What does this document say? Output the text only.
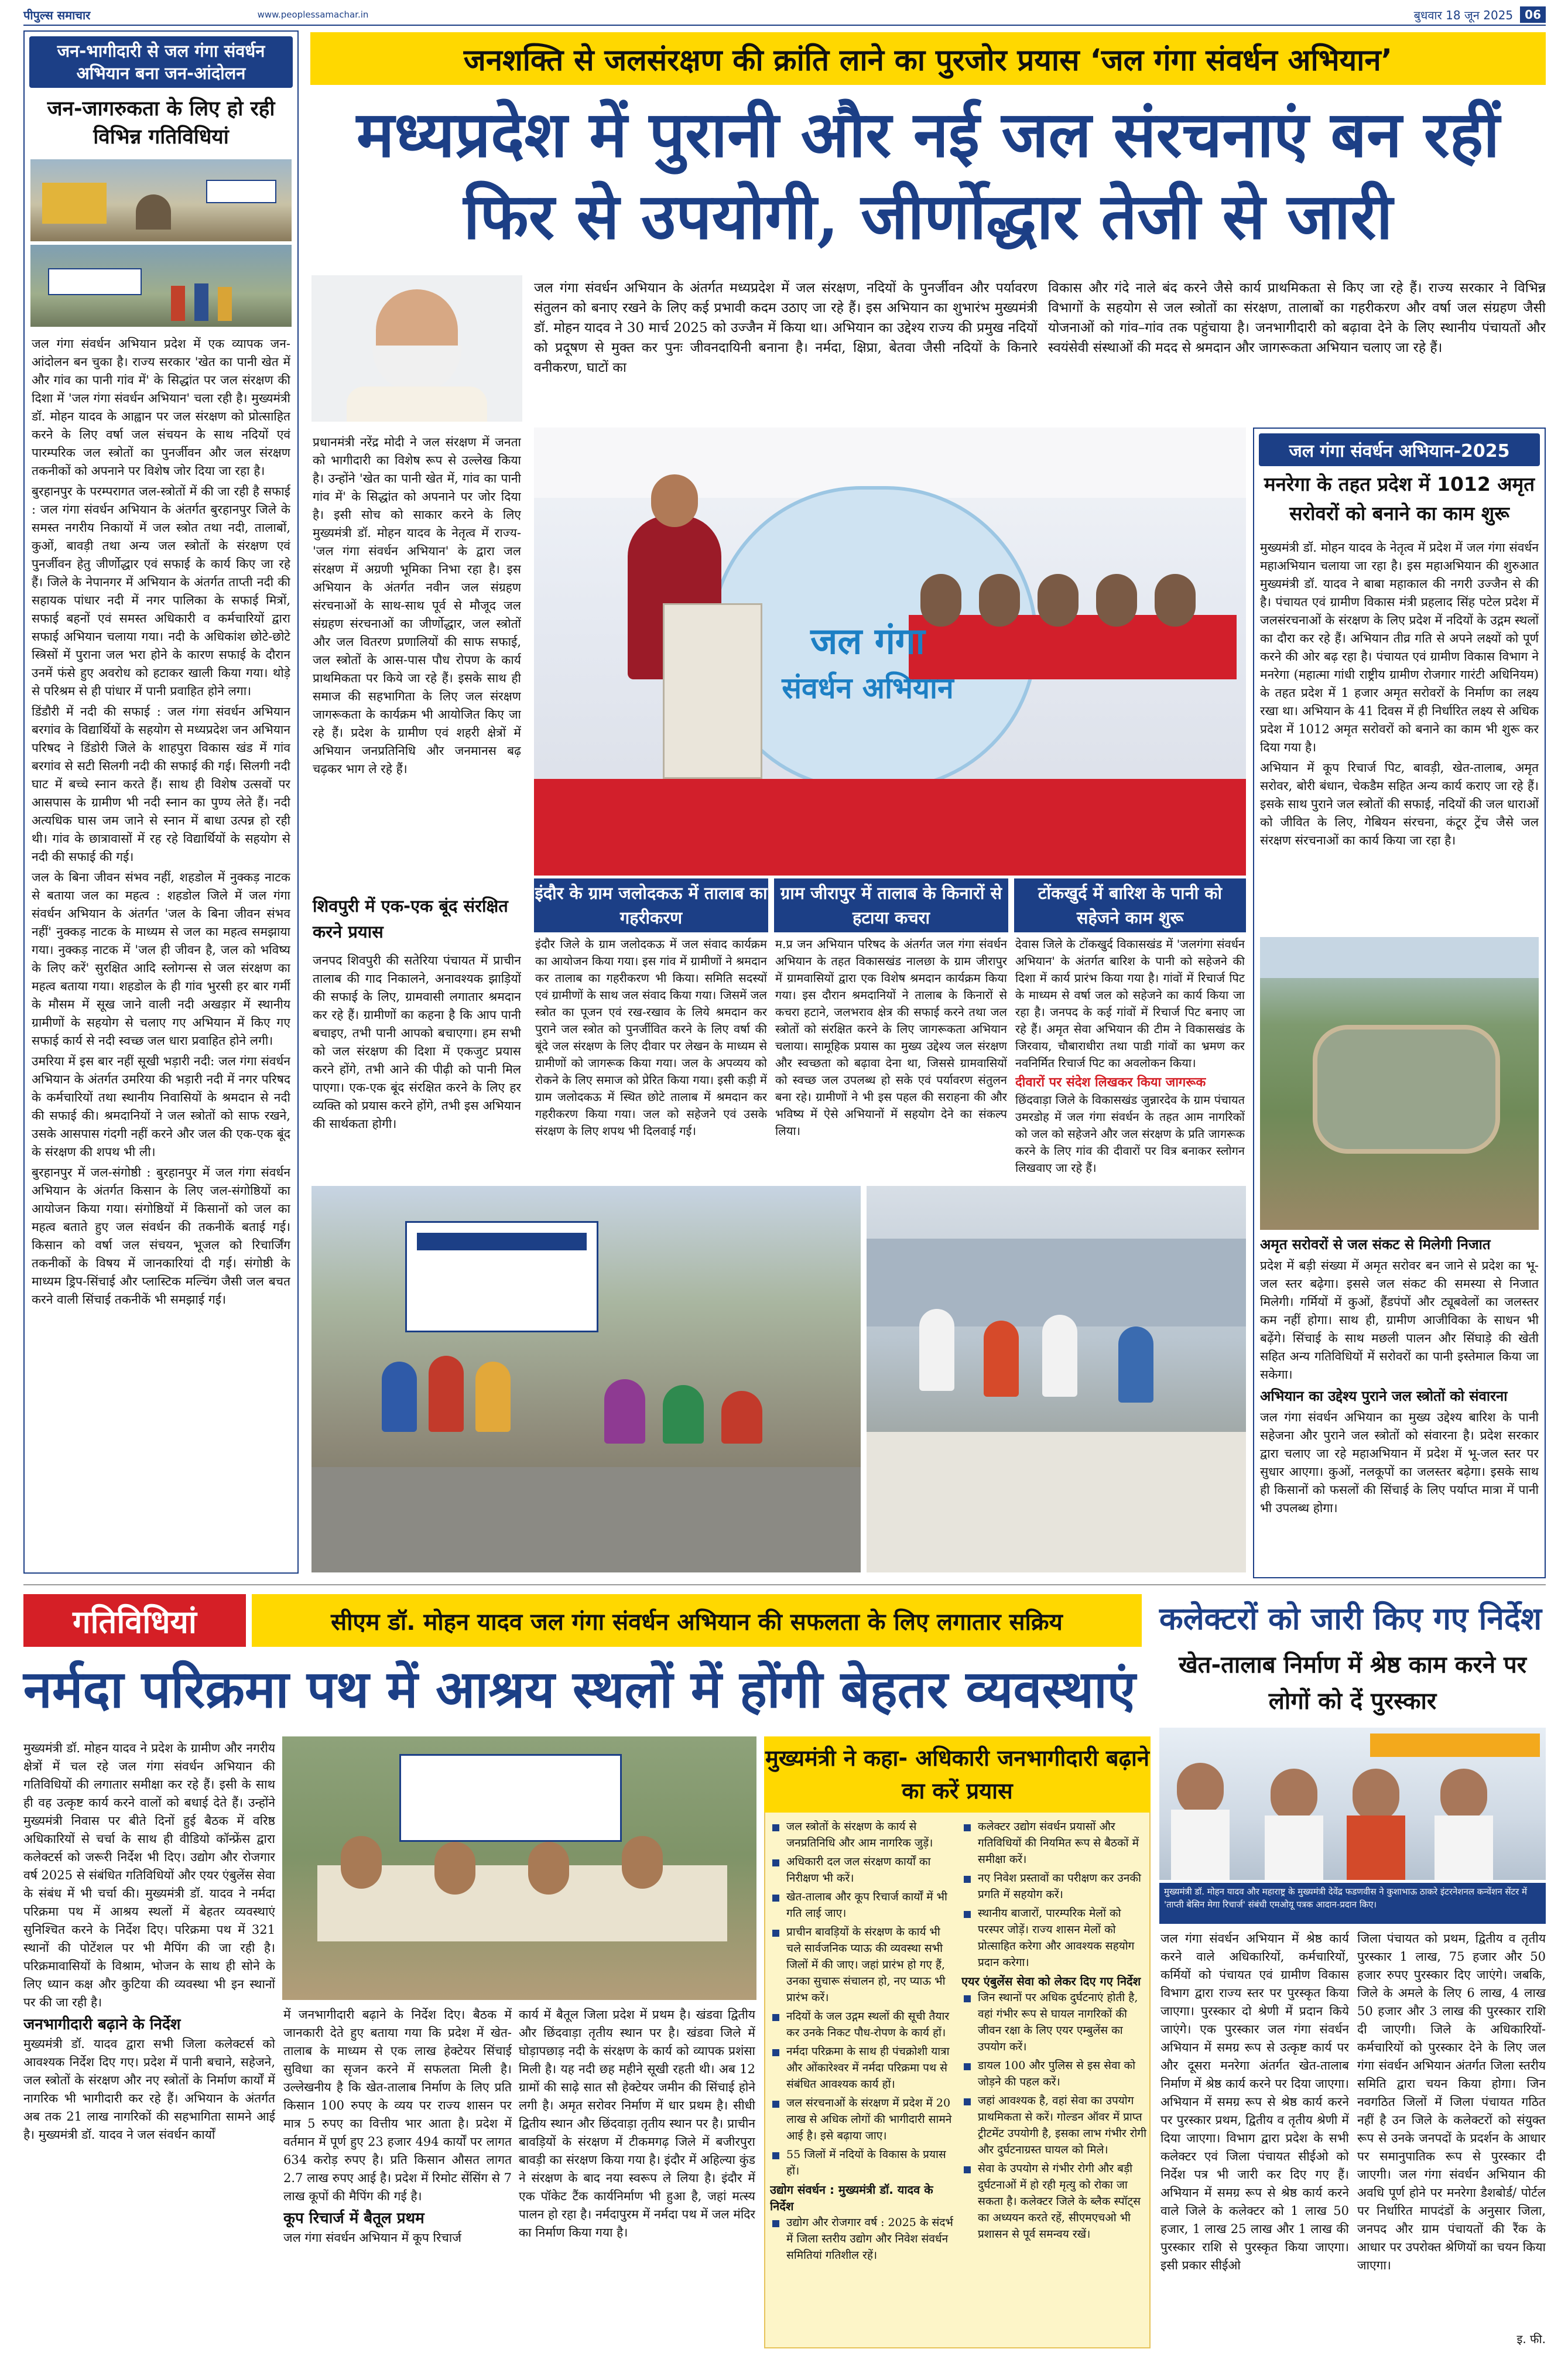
पीपुल्स समाचार	www.peoplessamachar.in	बुधवार 18 जून 2025	06
जन-भागीदारी से जल गंगा संवर्धन अभियान बना जन-आंदोलन
जन-जागरुकता के लिए हो रही विभिन्न गतिविधियां

जल गंगा संवर्धन अभियान प्रदेश में एक व्यापक जन-आंदोलन बन चुका है। राज्य सरकार 'खेत का पानी खेत में और गांव का पानी गांव में' के सिद्धांत पर जल संरक्षण की दिशा में 'जल गंगा संवर्धन अभियान' चला रही है। मुख्यमंत्री डॉ. मोहन यादव के आह्वान पर जल संरक्षण को प्रोत्साहित करने के लिए वर्षा जल संचयन के साथ नदियों एवं पारम्परिक जल स्त्रोतों का पुनर्जीवन और जल संरक्षण तकनीकों को अपनाने पर विशेष जोर दिया जा रहा है।

बुरहानपुर के परम्परागत जल-स्त्रोतों में की जा रही है सफाई : जल गंगा संवर्धन अभियान के अंतर्गत बुरहानपुर जिले के समस्त नगरीय निकायों में जल स्त्रोत तथा नदी, तालाबों, कुओं, बावड़ी तथा अन्य जल स्त्रोतों के संरक्षण एवं पुनर्जीवन हेतु जीर्णोद्धार एवं सफाई के कार्य किए जा रहे हैं। जिले के नेपानगर में अभियान के अंतर्गत ताप्ती नदी की सहायक पांधार नदी में नगर पालिका के सफाई मित्रों, सफाई बहनों एवं समस्त अधिकारी व कर्मचारियों द्वारा सफाई अभियान चलाया गया। नदी के अधिकांश छोटे-छोटे स्त्रिसों में पुराना जल भरा होने के कारण सफाई के दौरान उनमें फंसे हुए अवरोध को हटाकर खाली किया गया। थोड़े से परिश्रम से ही पांधार में पानी प्रवाहित होने लगा।

डिंडौरी में नदी की सफाई : जल गंगा संवर्धन अभियान बरगांव के विद्यार्थियों के सहयोग से मध्यप्रदेश जन अभियान परिषद ने डिंडोरी जिले के शाहपुरा विकास खंड में गांव बरगांव से सटी सिलगी नदी की सफाई की गई। सिलगी नदी घाट में बच्चे स्नान करते हैं। साथ ही विशेष उत्सवों पर आसपास के ग्रामीण भी नदी स्नान का पुण्य लेते हैं। नदी अत्यधिक घास जम जाने से स्नान में बाधा उत्पन्न हो रही थी। गांव के छात्रावासों में रह रहे विद्यार्थियों के सहयोग से नदी की सफाई की गई।

जल के बिना जीवन संभव नहीं, शहडोल में नुक्कड़ नाटक से बताया जल का महत्व : शहडोल जिले में जल गंगा संवर्धन अभियान के अंतर्गत 'जल के बिना जीवन संभव नहीं' नुक्कड़ नाटक के माध्यम से जल का महत्व समझाया गया। नुक्कड़ नाटक में 'जल ही जीवन है, जल को भविष्य के लिए करें' सुरक्षित आदि स्लोगन्स से जल संरक्षण का महत्व बताया गया। शहडोल के ही गांव भुरसी हर बार गर्मी के मौसम में सूख जाने वाली नदी अखड़ार में स्थानीय ग्रामीणों के सहयोग से चलाए गए अभियान में किए गए सफाई कार्य से नदी स्वच्छ जल धारा प्रवाहित होने लगी।

उमरिया में इस बार नहीं सूखी भड़ारी नदी: जल गंगा संवर्धन अभियान के अंतर्गत उमरिया की भड़ारी नदी में नगर परिषद के कर्मचारियों तथा स्थानीय निवासियों के श्रमदान से नदी की सफाई की। श्रमदानियों ने जल स्त्रोतों को साफ रखने, उसके आसपास गंदगी नहीं करने और जल की एक-एक बूंद के संरक्षण की शपथ भी ली।

बुरहानपुर में जल-संगोष्ठी : बुरहानपुर में जल गंगा संवर्धन अभियान के अंतर्गत किसान के लिए जल-संगोष्ठियों का आयोजन किया गया। संगोष्ठियों में किसानों को जल का महत्व बताते हुए जल संवर्धन की तकनीकें बताई गई। किसान को वर्षा जल संचयन, भूजल को रिचार्जिंग तकनीकों के विषय में जानकारियां दी गई। संगोष्ठी के माध्यम ड्रिप-सिंचाई और प्लास्टिक मल्चिंग जैसी जल बचत करने वाली सिंचाई तकनीकें भी समझाई गई।

जनशक्ति से जलसंरक्षण की क्रांति लाने का पुरजोर प्रयास ‘जल गंगा संवर्धन अभियान’
मध्यप्रदेश में पुरानी और नई जल संरचनाएं बन रहीं फिर से उपयोगी, जीर्णोद्धार तेजी से जारी
जल गंगा संवर्धन अभियान के अंतर्गत मध्यप्रदेश में जल संरक्षण, नदियों के पुनर्जीवन और पर्यावरण संतुलन को बनाए रखने के लिए कई प्रभावी कदम उठाए जा रहे हैं। इस अभियान का शुभारंभ मुख्यमंत्री डॉ. मोहन यादव ने 30 मार्च 2025 को उज्जैन में किया था। अभियान का उद्देश्य राज्य की प्रमुख नदियों को प्रदूषण से मुक्त कर पुनः जीवनदायिनी बनाना है। नर्मदा, क्षिप्रा, बेतवा जैसी नदियों के किनारे वनीकरण, घाटों का
विकास और गंदे नाले बंद करने जैसे कार्य प्राथमिकता से किए जा रहे हैं। राज्य सरकार ने विभिन्न विभागों के सहयोग से जल स्त्रोतों का संरक्षण, तालाबों का गहरीकरण और वर्षा जल संग्रहण जैसी योजनाओं को गांव–गांव तक पहुंचाया है। जनभागीदारी को बढ़ावा देने के लिए स्थानीय पंचायतों और स्वयंसेवी संस्थाओं की मदद से श्रमदान और जागरूकता अभियान चलाए जा रहे हैं।
प्रधानमंत्री नरेंद्र मोदी ने जल संरक्षण में जनता को भागीदारी का विशेष रूप से उल्लेख किया है। उन्होंने 'खेत का पानी खेत में, गांव का पानी गांव में' के सिद्धांत को अपनाने पर जोर दिया है। इसी सोच को साकार करने के लिए मुख्यमंत्री डॉ. मोहन यादव के नेतृत्व में राज्य- 'जल गंगा संवर्धन अभियान' के द्वारा जल संरक्षण में अग्रणी भूमिका निभा रहा है। इस अभियान के अंतर्गत नवीन जल संग्रहण संरचनाओं के साथ-साथ पूर्व से मौजूद जल संग्रहण संरचनाओं का जीर्णोद्धार, जल स्त्रोतों और जल वितरण प्रणालियों की साफ सफाई, जल स्त्रोतों के आस-पास पौध रोपण के कार्य प्राथमिकता पर किये जा रहे हैं। इसके साथ ही समाज की सहभागिता के लिए जल संरक्षण जागरूकता के कार्यक्रम भी आयोजित किए जा रहे हैं। प्रदेश के ग्रामीण एवं शहरी क्षेत्रों में अभियान जनप्रतिनिधि और जनमानस बढ़ चढ़कर भाग ले रहे हैं।
जल गंगा
संवर्धन अभियान
जल गंगा संवर्धन अभियान-2025
मनरेगा के तहत प्रदेश में 1012 अमृत सरोवरों को बनाने का काम शुरू

मुख्यमंत्री डॉ. मोहन यादव के नेतृत्व में प्रदेश में जल गंगा संवर्धन महाअभियान चलाया जा रहा है। इस महाअभियान की शुरुआत मुख्यमंत्री डॉ. यादव ने बाबा महाकाल की नगरी उज्जैन से की है। पंचायत एवं ग्रामीण विकास मंत्री प्रहलाद सिंह पटेल प्रदेश में जलसंरचनाओं के संरक्षण के लिए प्रदेश में नदियों के उद्गम स्थलों का दौरा कर रहे हैं। अभियान तीव्र गति से अपने लक्ष्यों को पूर्ण करने की ओर बढ़ रहा है। पंचायत एवं ग्रामीण विकास विभाग ने मनरेगा (महात्मा गांधी राष्ट्रीय ग्रामीण रोजगार गारंटी अधिनियम) के तहत प्रदेश में 1 हजार अमृत सरोवरों के निर्माण का लक्ष्य रखा था। अभियान के 41 दिवस में ही निर्धारित लक्ष्य से अधिक प्रदेश में 1012 अमृत सरोवरों को बनाने का काम भी शुरू कर दिया गया है।

अभियान में कूप रिचार्ज पिट, बावड़ी, खेत-तालाब, अमृत सरोवर, बोरी बंधान, चेकडैम सहित अन्य कार्य कराए जा रहे हैं। इसके साथ पुराने जल स्त्रोतों की सफाई, नदियों की जल धाराओं को जीवित के लिए, गेबियन संरचना, कंटूर ट्रेंच जैसे जल संरक्षण संरचनाओं का कार्य किया जा रहा है।

अमृत सरोवरों से जल संकट से मिलेगी निजात

प्रदेश में बड़ी संख्या में अमृत सरोवर बन जाने से प्रदेश का भू-जल स्तर बढ़ेगा। इससे जल संकट की समस्या से निजात मिलेगी। गर्मियों में कुओं, हैंडपंपों और ट्यूबवेलों का जलस्तर कम नहीं होगा। साथ ही, ग्रामीण आजीविका के साधन भी बढ़ेंगे। सिंचाई के साथ मछली पालन और सिंघाड़े की खेती सहित अन्य गतिविधियों में सरोवरों का पानी इस्तेमाल किया जा सकेगा।

अभियान का उद्देश्य पुराने जल स्त्रोतों को संवारना

जल गंगा संवर्धन अभियान का मुख्य उद्देश्य बारिश के पानी सहेजना और पुराने जल स्त्रोतों को संवारना है। प्रदेश सरकार द्वारा चलाए जा रहे महाअभियान में प्रदेश में भू-जल स्तर पर सुधार आएगा। कुओं, नलकूपों का जलस्तर बढ़ेगा। इसके साथ ही किसानों को फसलों की सिंचाई के लिए पर्याप्त मात्रा में पानी भी उपलब्ध होगा।

इंदौर के ग्राम जलोदकऊ में तालाब का गहरीकरण
ग्राम जीरापुर में तालाब के किनारों से हटाया कचरा
टोंकखुर्द में बारिश के पानी को सहेजने काम शुरू
इंदौर जिले के ग्राम जलोदकऊ में जल संवाद कार्यक्रम का आयोजन किया गया। इस गांव में ग्रामीणों ने श्रमदान कर तालाब का गहरीकरण भी किया। समिति सदस्यों एवं ग्रामीणों के साथ जल संवाद किया गया। जिसमें जल स्त्रोत का पूजन एवं रख-रखाव के लिये श्रमदान कर पुराने जल स्त्रोत को पुनर्जीवित करने के लिए वर्षा की बूंदे जल संरक्षण के लिए दीवार पर लेखन के माध्यम से ग्रामीणों को जागरूक किया गया। जल के अपव्यय को रोकने के लिए समाज को प्रेरित किया गया। इसी कड़ी में ग्राम जलोदकऊ में स्थित छोटे तालाब में श्रमदान कर गहरीकरण किया गया। जल को सहेजने एवं उसके संरक्षण के लिए शपथ भी दिलवाई गई।
म.प्र जन अभियान परिषद के अंतर्गत जल गंगा संवर्धन अभियान के तहत विकासखंड नालछा के ग्राम जीरापुर में ग्रामवासियों द्वारा एक विशेष श्रमदान कार्यक्रम किया गया। इस दौरान श्रमदानियों ने तालाब के किनारों से कचरा हटाने, जलभराव क्षेत्र की सफाई करने तथा जल स्त्रोतों को संरक्षित करने के लिए जागरूकता अभियान चलाया। सामूहिक प्रयास का मुख्य उद्देश्य जल संरक्षण और स्वच्छता को बढ़ावा देना था, जिससे ग्रामवासियों को स्वच्छ जल उपलब्ध हो सके एवं पर्यावरण संतुलन बना रहे। ग्रामीणों ने भी इस पहल की सराहना की और भविष्य में ऐसे अभियानों में सहयोग देने का संकल्प लिया।

देवास जिले के टोंकखुर्द विकासखंड में 'जलगंगा संवर्धन अभियान' के अंतर्गत बारिश के पानी को सहेजने की दिशा में कार्य प्रारंभ किया गया है। गांवों में रिचार्ज पिट के माध्यम से वर्षा जल को सहेजने का कार्य किया जा रहा है। जनपद के कई गांवों में रिचार्ज पिट बनाए जा रहे हैं। अमृत सेवा अभियान की टीम ने विकासखंड के जिरवाय, चौबाराधीरा तथा पाडी गांवों का भ्रमण कर नवनिर्मित रिचार्ज पिट का अवलोकन किया।

दीवारों पर संदेश लिखकर किया जागरूक

छिंदवाड़ा जिले के विकासखंड जुन्नारदेव के ग्राम पंचायत उमरडोह में जल गंगा संवर्धन के तहत आम नागरिकों को जल को सहेजने और जल संरक्षण के प्रति जागरूक करने के लिए गांव की दीवारों पर वित्र बनाकर स्लोगन लिखवाए जा रहे हैं।

शिवपुरी में एक-एक बूंद संरक्षित करने प्रयास
जनपद शिवपुरी की सतेरिया पंचायत में प्राचीन तालाब की गाद निकालने, अनावश्यक झाड़ियों की सफाई के लिए, ग्रामवासी लगातार श्रमदान कर रहे हैं। ग्रामीणों का कहना है कि आप पानी बचाइए, तभी पानी आपको बचाएगा। हम सभी को जल संरक्षण की दिशा में एकजुट प्रयास करने होंगे, तभी आने की पीढ़ी को पानी मिल पाएगा। एक-एक बूंद संरक्षित करने के लिए हर व्यक्ति को प्रयास करने होंगे, तभी इस अभियान की सार्थकता होगी।
गतिविधियां	सीएम डॉ. मोहन यादव जल गंगा संवर्धन अभियान की सफलता के लिए लगातार सक्रिय
नर्मदा परिक्रमा पथ में आश्रय स्थलों में होंगी बेहतर व्यवस्थाएं
कलेक्टरों को जारी किए गए निर्देश
खेत-तालाब निर्माण में श्रेष्ठ काम करने पर लोगों को दें पुरस्कार

मुख्यमंत्री डॉ. मोहन यादव ने प्रदेश के ग्रामीण और नगरीय क्षेत्रों में चल रहे जल गंगा संवर्धन अभियान की गतिविधियों की लगातार समीक्षा कर रहे हैं। इसी के साथ ही वह उत्कृष्ट कार्य करने वालों को बधाई देते हैं। उन्होंने मुख्यमंत्री निवास पर बीते दिनों हुई बैठक में वरिष्ठ अधिकारियों से चर्चा के साथ ही वीडियो कॉन्फ्रेंस द्वारा कलेक्टर्स को जरूरी निर्देश भी दिए। उद्योग और रोजगार वर्ष 2025 से संबंधित गतिविधियों और एयर एंबुलेंस सेवा के संबंध में भी चर्चा की। मुख्यमंत्री डॉ. यादव ने नर्मदा परिक्रमा पथ में आश्रय स्थलों में बेहतर व्यवस्थाएं सुनिश्चित करने के निर्देश दिए। परिक्रमा पथ में 321 स्थानों की पोटेंशल पर भी मैपिंग की जा रही है। परिक्रमावासियों के विश्राम, भोजन के साथ ही सोने के लिए ध्यान कक्ष और कुटिया की व्यवस्था भी इन स्थानों पर की जा रही है।

जनभागीदारी बढ़ाने के निर्देश

मुख्यमंत्री डॉ. यादव द्वारा सभी जिला कलेक्टर्स को आवश्यक निर्देश दिए गए। प्रदेश में पानी बचाने, सहेजने, जल स्त्रोतों के संरक्षण और नए स्त्रोतों के निर्माण कार्यों में नागरिक भी भागीदारी कर रहे हैं। अभियान के अंतर्गत अब तक 21 लाख नागरिकों की सहभागिता सामने आई है। मुख्यमंत्री डॉ. यादव ने जल संवर्धन कार्यों

में जनभागीदारी बढ़ाने के निर्देश दिए। बैठक में जानकारी देते हुए बताया गया कि प्रदेश में खेत-तालाब के माध्यम से एक लाख हेक्टेयर सिंचाई सुविधा का सृजन करने में सफलता मिली है। उल्लेखनीय है कि खेत-तालाब निर्माण के लिए प्रति किसान 100 रुपए के व्यय पर राज्य शासन पर मात्र 5 रुपए का वित्तीय भार आता है। प्रदेश में वर्तमान में पूर्ण हुए 23 हजार 494 कार्यों पर लागत 634 करोड़ रुपए है। प्रति किसान औसत लागत 2.7 लाख रुपए आई है। प्रदेश में रिमोट सेंसिंग से 7 लाख कूपों की मैपिंग की गई है।

कूप रिचार्ज में बैतूल प्रथम

जल गंगा संवर्धन अभियान में कूप रिचार्ज

कार्य में बैतूल जिला प्रदेश में प्रथम है। खंडवा द्वितीय और छिंदवाड़ा तृतीय स्थान पर है। खंडवा जिले में घोड़ापछाड़ नदी के संरक्षण के कार्य को व्यापक प्रशंसा मिली है। यह नदी छह महीने सूखी रहती थी। अब 12 ग्रामों की साढ़े सात सौ हेक्टेयर जमीन की सिंचाई होने लगी है। अमृत सरोवर निर्माण में धार प्रथम है। सीधी द्वितीय स्थान और छिंदवाड़ा तृतीय स्थान पर है। प्राचीन बावड़ियों के संरक्षण में टीकमगढ़ जिले में बजीरपुरा बावड़ी का संरक्षण किया गया है। इंदौर में अहिल्या कुंड ने संरक्षण के बाद नया स्वरूप ले लिया है। इंदौर में एक पॉकेट टैंक कार्यनिर्माण भी हुआ है, जहां मत्स्य पालन हो रहा है। नर्मदापुरम में नर्मदा पथ में जल मंदिर का निर्माण किया गया है।
मुख्यमंत्री ने कहा- अधिकारी जनभागीदारी बढ़ाने का करें प्रयास
जल स्त्रोतों के संरक्षण के कार्य से जनप्रतिनिधि और आम नागरिक जुड़ें।
अधिकारी दल जल संरक्षण कार्यों का निरीक्षण भी करें।
खेत-तालाब और कूप रिचार्ज कार्यों में भी गति लाई जाए।
प्राचीन बावड़ियों के संरक्षण के कार्य भी चले सार्वजनिक प्याऊ की व्यवस्था सभी जिलों में की जाए। जहां प्रारंभ हो गए हैं, उनका सुचारू संचालन हो, नए प्याऊ भी प्रारंभ करें।
नदियों के जल उद्गम स्थलों की सूची तैयार कर उनके निकट पौध-रोपण के कार्य हों।
नर्मदा परिक्रमा के साथ ही पंचक्रोशी यात्रा और ओंकारेश्वर में नर्मदा परिक्रमा पथ से संबंधित आवश्यक कार्य हों।
जल संरचनाओं के संरक्षण में प्रदेश में 20 लाख से अधिक लोगों की भागीदारी सामने आई है। इसे बढ़ाया जाए।
55 जिलों में नदियों के विकास के प्रयास हों।
उद्योग संवर्धन : मुख्यमंत्री डॉ. यादव के निर्देश
उद्योग और रोजगार वर्ष : 2025 के संदर्भ में जिला स्तरीय उद्योग और निवेश संवर्धन समितियां गतिशील रहें।
कलेक्टर उद्योग संवर्धन प्रयासों और गतिविधियों की नियमित रूप से बैठकों में समीक्षा करें।
नए निवेश प्रस्तावों का परीक्षण कर उनकी प्रगति में सहयोग करें।
स्थानीय बाजारों, पारम्परिक मेलों को परस्पर जोड़ें। राज्य शासन मेलों को प्रोत्साहित करेगा और आवश्यक सहयोग प्रदान करेगा।
एयर एंबुलेंस सेवा को लेकर दिए गए निर्देश
जिन स्थानों पर अधिक दुर्घटनाएं होती है, वहां गंभीर रूप से घायल नागरिकों की जीवन रक्षा के लिए एयर एम्बुलेंस का उपयोग करें।
डायल 100 और पुलिस से इस सेवा को जोड़ने की पहल करें।
जहां आवश्यक है, वहां सेवा का उपयोग प्राथमिकता से करें। गोल्डन ऑवर में प्राप्त ट्रीटमेंट उपयोगी है, इसका लाभ गंभीर रोगी और दुर्घटनाग्रस्त घायल को मिले।
सेवा के उपयोग से गंभीर रोगी और बड़ी दुर्घटनाओं में हो रही मृत्यु को रोका जा सकता है। कलेक्टर जिले के ब्लैक स्पॉट्स का अध्ययन करते रहें, सीएमएचओ भी प्रशासन से पूर्व समन्वय रखें।
मुख्यमंत्री डॉ. मोहन यादव और महाराष्ट्र के मुख्यमंत्री देवेंद्र फडणवीस ने कुशाभाऊ ठाकरे इंटरनेशनल कन्वेंशन सेंटर में 'ताप्ती बेसिन मेगा रिचार्ज' संबंधी एमओयू पत्रक आदान-प्रदान किए।
जल गंगा संवर्धन अभियान में श्रेष्ठ कार्य करने वाले अधिकारियों, कर्मचारियों, कर्मियों को पंचायत एवं ग्रामीण विकास विभाग द्वारा राज्य स्तर पर पुरस्कृत किया जाएगा। पुरस्कार दो श्रेणी में प्रदान किये जाएंगे। एक पुरस्कार जल गंगा संवर्धन अभियान में समग्र रूप से उत्कृष्ट कार्य पर और दूसरा मनरेगा अंतर्गत खेत-तालाब निर्माण में श्रेष्ठ कार्य करने पर दिया जाएगा। अभियान में समग्र रूप से श्रेष्ठ कार्य करने पर पुरस्कार प्रथम, द्वितीय व तृतीय श्रेणी में दिया जाएगा। विभाग द्वारा प्रदेश के सभी कलेक्टर एवं जिला पंचायत सीईओ को निर्देश पत्र भी जारी कर दिए गए हैं। अभियान में समग्र रूप से श्रेष्ठ कार्य करने वाले जिले के कलेक्टर को 1 लाख 50 हजार, 1 लाख 25 लाख और 1 लाख की पुरस्कार राशि से पुरस्कृत किया जाएगा। इसी प्रकार सीईओ
जिला पंचायत को प्रथम, द्वितीय व तृतीय पुरस्कार 1 लाख, 75 हजार और 50 हजार रुपए पुरस्कार दिए जाएंगे। जबकि, जिले के अमले के लिए 6 लाख, 4 लाख 50 हजार और 3 लाख की पुरस्कार राशि दी जाएगी। जिले के अधिकारियों-कर्मचारियों को पुरस्कार देने के लिए जल गंगा संवर्धन अभियान अंतर्गत जिला स्तरीय समिति द्वारा चयन किया होगा। जिन नवगठित जिलों में जिला पंचायत गठित नहीं है उन जिले के कलेक्टरों को संयुक्त रूप से उनके जनपदों के प्रदर्शन के आधार पर समानुपातिक रूप से पुरस्कार दी जाएगी। जल गंगा संवर्धन अभियान की अवधि पूर्ण होने पर मनरेगा डैशबोर्ड/ पोर्टल पर निर्धारित मापदंडों के अनुसार जिला, जनपद और ग्राम पंचायतों की रैंक के आधार पर उपरोक्त श्रेणियों का चयन किया जाएगा।
इ. फी.
